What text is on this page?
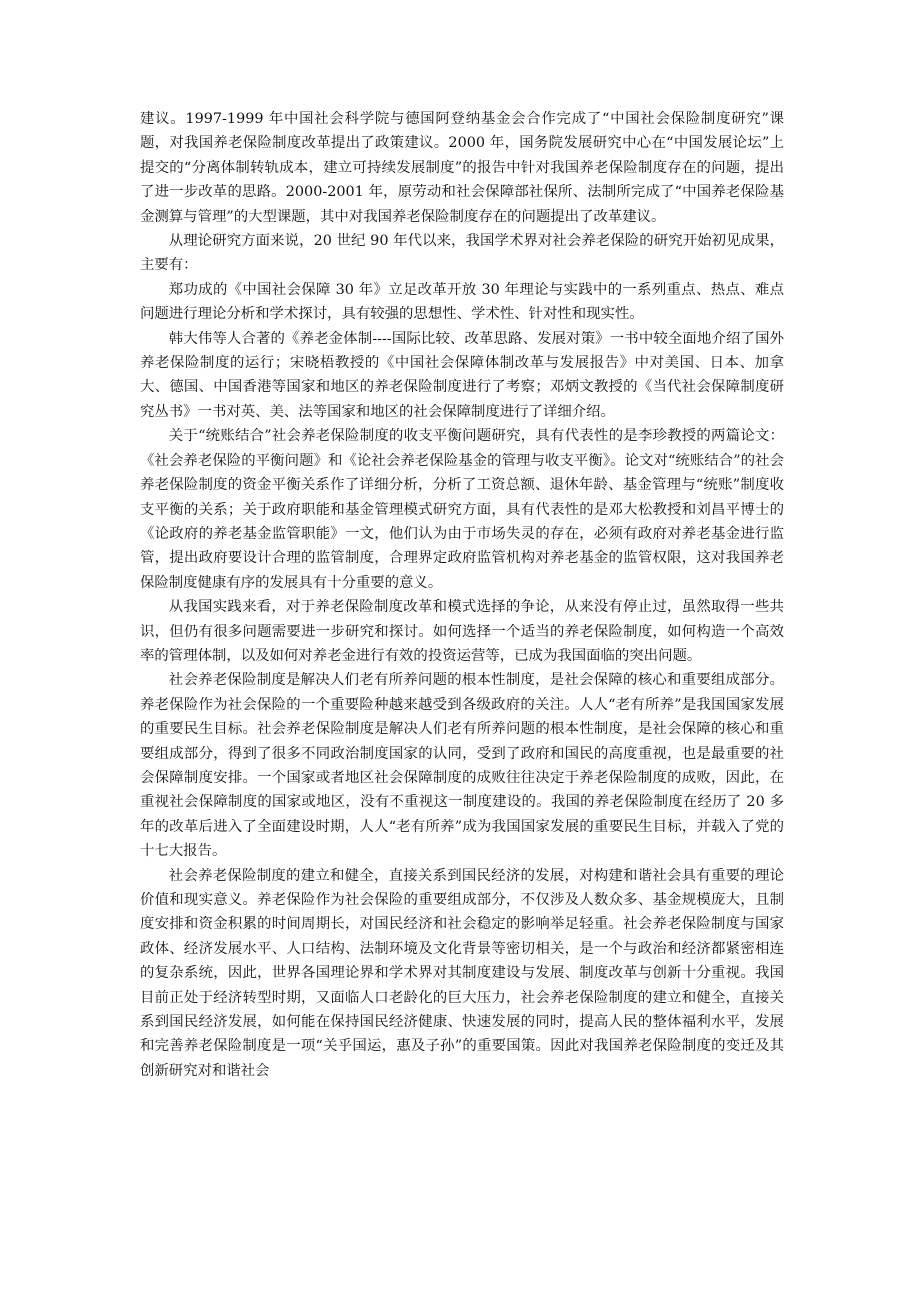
建议。1997-1999 年中国社会科学院与德国阿登纳基金会合作完成了“中国社会保险制度研究”课题，对我国养老保险制度改革提出了政策建议。2000 年，国务院发展研究中心在“中国发展论坛”上提交的“分离体制转轨成本，建立可持续发展制度”的报告中针对我国养老保险制度存在的问题，提出了进一步改革的思路。2000-2001 年，原劳动和社会保障部社保所、法制所完成了“中国养老保险基金测算与管理”的大型课题，其中对我国养老保险制度存在的问题提出了改革建议。

从理论研究方面来说，20 世纪 90 年代以来，我国学术界对社会养老保险的研究开始初见成果，主要有：

郑功成的《中国社会保障 30 年》立足改革开放 30 年理论与实践中的一系列重点、热点、难点问题进行理论分析和学术探讨，具有较强的思想性、学术性、针对性和现实性。

韩大伟等人合著的《养老金体制----国际比较、改革思路、发展对策》一书中较全面地介绍了国外养老保险制度的运行；宋晓梧教授的《中国社会保障体制改革与发展报告》中对美国、日本、加拿大、德国、中国香港等国家和地区的养老保险制度进行了考察；邓炳文教授的《当代社会保障制度研究丛书》一书对英、美、法等国家和地区的社会保障制度进行了详细介绍。

关于“统账结合”社会养老保险制度的收支平衡问题研究，具有代表性的是李珍教授的两篇论文：《社会养老保险的平衡问题》和《论社会养老保险基金的管理与收支平衡》。论文对“统账结合”的社会养老保险制度的资金平衡关系作了详细分析，分析了工资总额、退休年龄、基金管理与“统账”制度收支平衡的关系；关于政府职能和基金管理模式研究方面，具有代表性的是邓大松教授和刘昌平博士的《论政府的养老基金监管职能》一文，他们认为由于市场失灵的存在，必须有政府对养老基金进行监管，提出政府要设计合理的监管制度，合理界定政府监管机构对养老基金的监管权限，这对我国养老保险制度健康有序的发展具有十分重要的意义。

从我国实践来看，对于养老保险制度改革和模式选择的争论，从来没有停止过，虽然取得一些共识，但仍有很多问题需要进一步研究和探讨。如何选择一个适当的养老保险制度，如何构造一个高效率的管理体制，以及如何对养老金进行有效的投资运营等，已成为我国面临的突出问题。

社会养老保险制度是解决人们老有所养问题的根本性制度，是社会保障的核心和重要组成部分。养老保险作为社会保险的一个重要险种越来越受到各级政府的关注。人人“老有所养”是我国国家发展的重要民生目标。社会养老保险制度是解决人们老有所养问题的根本性制度，是社会保障的核心和重要组成部分，得到了很多不同政治制度国家的认同，受到了政府和国民的高度重视，也是最重要的社会保障制度安排。一个国家或者地区社会保障制度的成败往往决定于养老保险制度的成败，因此，在重视社会保障制度的国家或地区，没有不重视这一制度建设的。我国的养老保险制度在经历了 20 多年的改革后进入了全面建设时期，人人“老有所养”成为我国国家发展的重要民生目标，并载入了党的十七大报告。

社会养老保险制度的建立和健全，直接关系到国民经济的发展，对构建和谐社会具有重要的理论价值和现实意义。养老保险作为社会保险的重要组成部分，不仅涉及人数众多、基金规模庞大，且制度安排和资金积累的时间周期长，对国民经济和社会稳定的影响举足轻重。社会养老保险制度与国家政体、经济发展水平、人口结构、法制环境及文化背景等密切相关，是一个与政治和经济都紧密相连的复杂系统，因此，世界各国理论界和学术界对其制度建设与发展、制度改革与创新十分重视。我国目前正处于经济转型时期，又面临人口老龄化的巨大压力，社会养老保险制度的建立和健全，直接关系到国民经济发展，如何能在保持国民经济健康、快速发展的同时，提高人民的整体福利水平，发展和完善养老保险制度是一项“关乎国运，惠及子孙”的重要国策。因此对我国养老保险制度的变迁及其创新研究对和谐社会
